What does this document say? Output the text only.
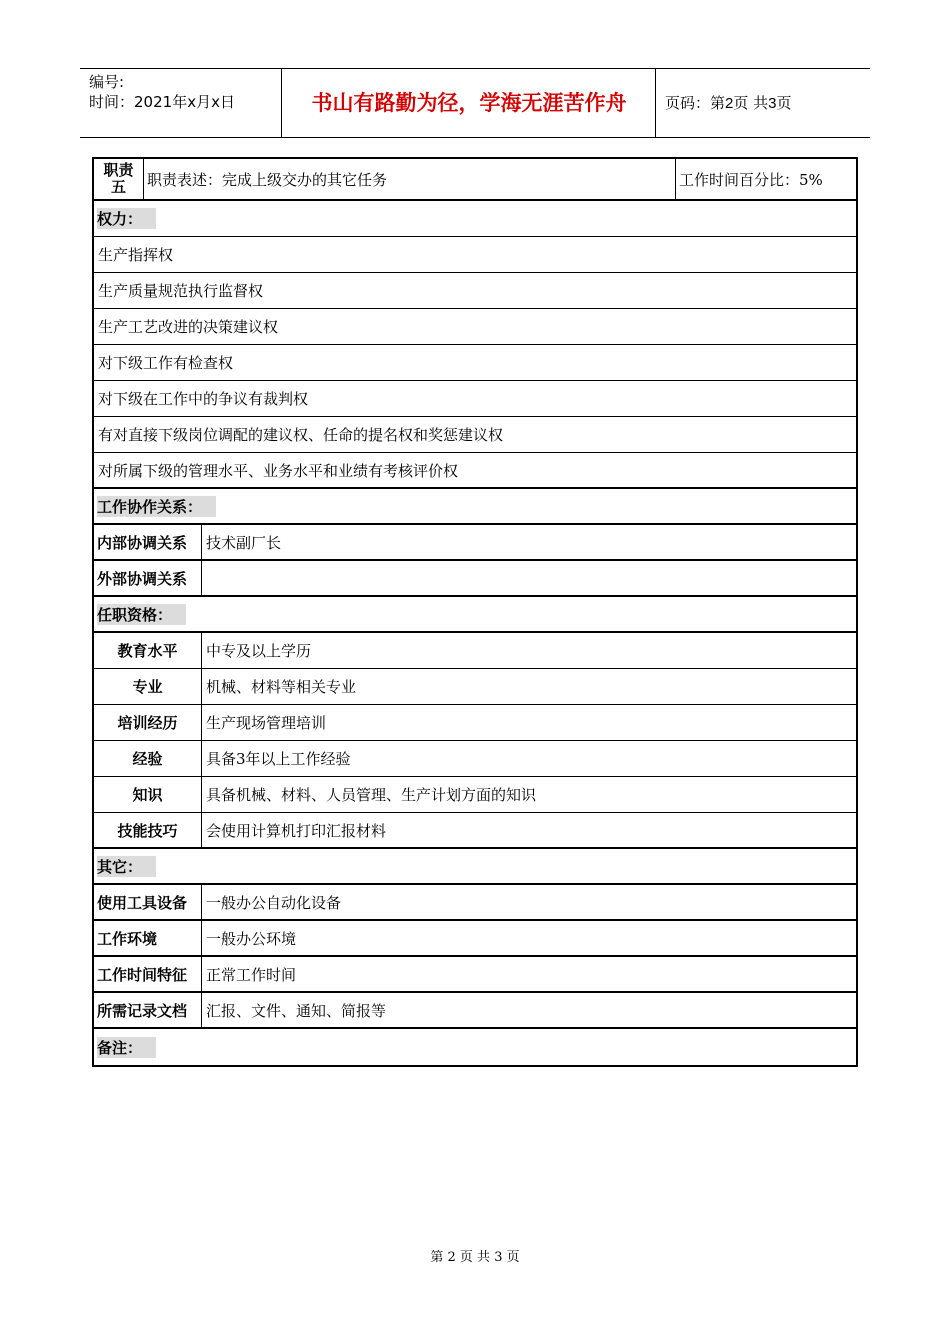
编号:
时间：2021年x月x日	书山有路勤为径，学海无涯苦作舟	页码：第2页 共3页
职责
五	职责表述：完成上级交办的其它任务	工作时间百分比：5%
权力：
生产指挥权
生产质量规范执行监督权
生产工艺改进的决策建议权
对下级工作有检查权
对下级在工作中的争议有裁判权
有对直接下级岗位调配的建议权、任命的提名权和奖惩建议权
对所属下级的管理水平、业务水平和业绩有考核评价权
工作协作关系：
内部协调关系	技术副厂长
外部协调关系
任职资格：
教育水平	中专及以上学历
专业	机械、材料等相关专业
培训经历	生产现场管理培训
经验	具备3年以上工作经验
知识	具备机械、材料、人员管理、生产计划方面的知识
技能技巧	会使用计算机打印汇报材料
其它：
使用工具设备	一般办公自动化设备
工作环境	一般办公环境
工作时间特征	正常工作时间
所需记录文档	汇报、文件、通知、简报等
备注：
第 2 页 共 3 页
